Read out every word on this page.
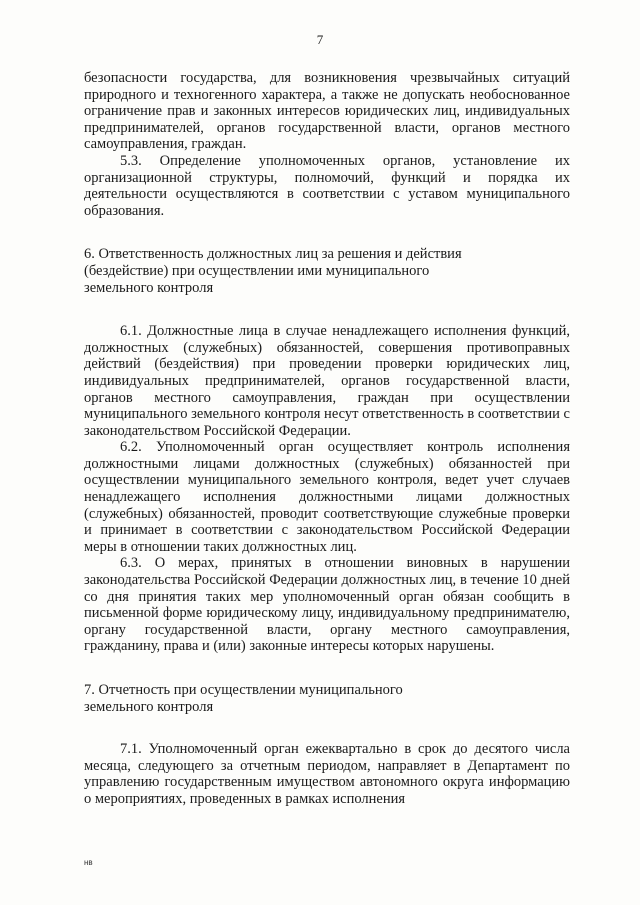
7

безопасности государства, для возникновения чрезвычайных ситуаций природного и техногенного характера, а также не допускать необоснованное ограничение прав и законных интересов юридических лиц, индивидуальных предпринимателей, органов государственной власти, органов местного самоуправления, граждан.

5.3. Определение уполномоченных органов, установление их организационной структуры, полномочий, функций и порядка их деятельности осуществляются в соответствии с уставом муниципального образования.

6. Ответственность должностных лиц за решения и действия
(бездействие) при осуществлении ими муниципального
земельного контроля

6.1. Должностные лица в случае ненадлежащего исполнения функций, должностных (служебных) обязанностей, совершения противоправных действий (бездействия) при проведении проверки юридических лиц, индивидуальных предпринимателей, органов государственной власти, органов местного самоуправления, граждан при осуществлении муниципального земельного контроля несут ответственность в соответствии с законодательством Российской Федерации.

6.2. Уполномоченный орган осуществляет контроль исполнения должностными лицами должностных (служебных) обязанностей при осуществлении муниципального земельного контроля, ведет учет случаев ненадлежащего исполнения должностными лицами должностных (служебных) обязанностей, проводит соответствующие служебные проверки и принимает в соответствии с законодательством Российской Федерации меры в отношении таких должностных лиц.

6.3. О мерах, принятых в отношении виновных в нарушении законодательства Российской Федерации должностных лиц, в течение 10 дней со дня принятия таких мер уполномоченный орган обязан сообщить в письменной форме юридическому лицу, индивидуальному предпринимателю, органу государственной власти, органу местного самоуправления, гражданину, права и (или) законные интересы которых нарушены.

7. Отчетность при осуществлении муниципального
земельного контроля

7.1. Уполномоченный орган ежеквартально в срок до десятого числа месяца, следующего за отчетным периодом, направляет в Департамент по управлению государственным имуществом автономного округа информацию о мероприятиях, проведенных в рамках исполнения

нв
